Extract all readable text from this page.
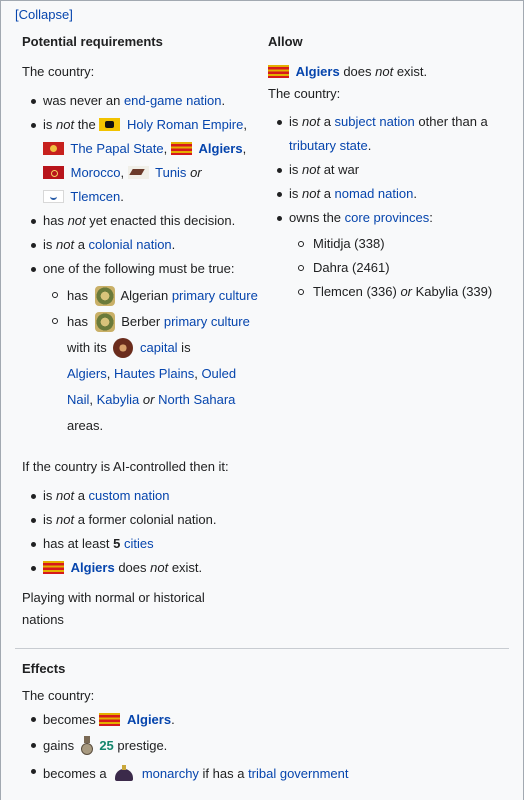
[Collapse]
Potential requirements

The country:

was never an end-game nation.
is not the  Holy Roman Empire,
The Papal State, Algiers,
Morocco, Tunis or
Tlemcen.
has not yet enacted this decision.
is not a colonial nation.
one of the following must be true:
has	Algerian primary culture
has	Berber primary culture with its	capital is
Algiers, Hautes Plains, Ouled Nail, Kabylia or North Sahara
areas.

If the country is AI-controlled then it:

is not a custom nation
is not a former colonial nation.
has at least 5 cities
Algiers does not exist.

Playing with normal or historical nations

Allow

Algiers does not exist.

The country:

is not a subject nation other than a tributary state.
is not at war
is not a nomad nation.
owns the core provinces:
Mitidja (338)
Dahra (2461)
Tlemcen (336) or Kabylia (339)
Effects

The country:

becomes  Algiers.
gains 25 prestige.
becomes a	monarchy if has a tribal government
